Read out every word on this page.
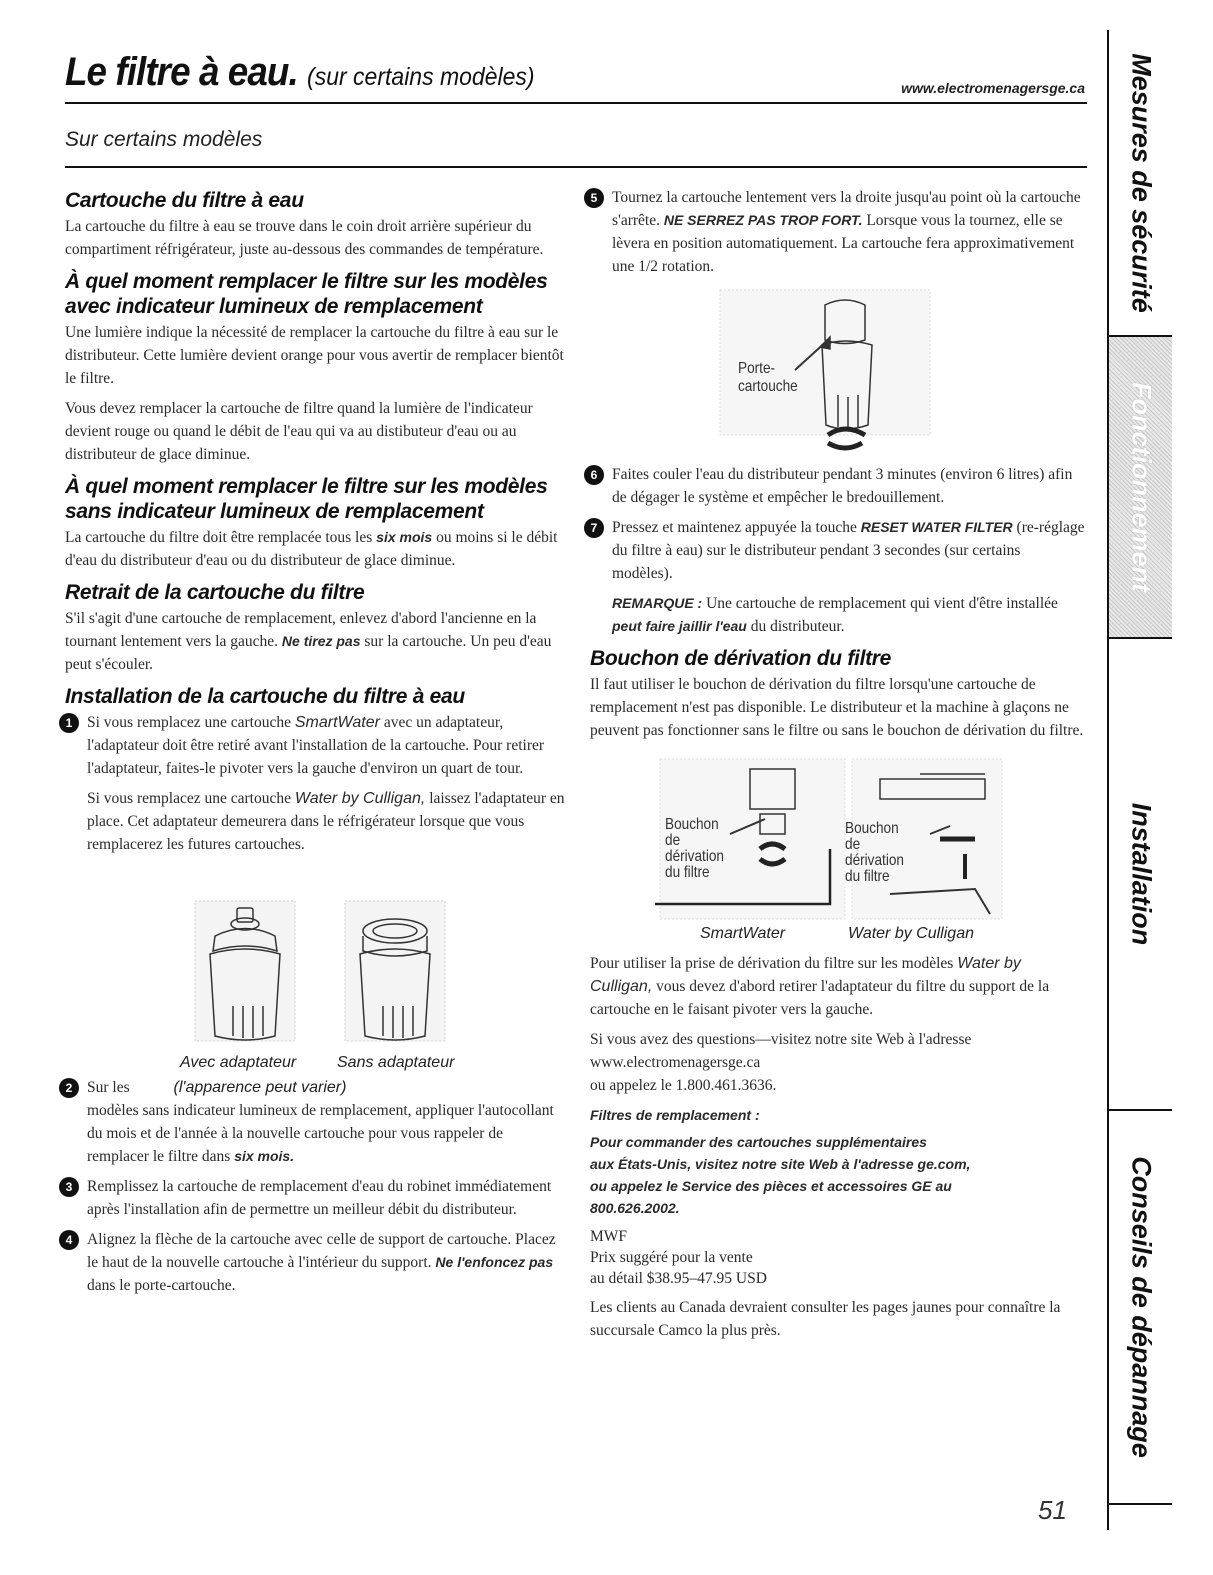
Le filtre à eau. (sur certains modèles)	www.electromenagersge.ca
Sur certains modèles
Cartouche du filtre à eau

La cartouche du filtre à eau se trouve dans le coin droit arrière supérieur du compartiment réfrigérateur, juste au-dessous des commandes de température.

À quel moment remplacer le filtre sur les modèles avec indicateur lumineux de remplacement

Une lumière indique la nécessité de remplacer la cartouche du filtre à eau sur le distributeur. Cette lumière devient orange pour vous avertir de remplacer bientôt le filtre.

Vous devez remplacer la cartouche de filtre quand la lumière de l'indicateur devient rouge ou quand le débit de l'eau qui va au distibuteur d'eau ou au distributeur de glace diminue.

À quel moment remplacer le filtre sur les modèles sans indicateur lumineux de remplacement

La cartouche du filtre doit être remplacée tous les six mois ou moins si le débit d'eau du distributeur d'eau ou du distributeur de glace diminue.

Retrait de la cartouche du filtre

S'il s'agit d'une cartouche de remplacement, enlevez d'abord l'ancienne en la tournant lentement vers la gauche. Ne tirez pas sur la cartouche. Un peu d'eau peut s'écouler.

Installation de la cartouche du filtre à eau
1 Si vous remplacez une cartouche SmartWater avec un adaptateur, l'adaptateur doit être retiré avant l'installation de la cartouche. Pour retirer l'adaptateur, faites-le pivoter vers la gauche d'environ un quart de tour.

Si vous remplacez une cartouche Water by Culligan, laissez l'adaptateur en place. Cet adaptateur demeurera dans le réfrigérateur lorsque que vous remplacerez les futures cartouches.

Avec adaptateur	Sans adaptateur
2 Sur les	(l'apparence peut varier)
modèles sans indicateur lumineux de remplacement, appliquer l'autocollant du mois et de l'année à la nouvelle cartouche pour vous rappeler de remplacer le filtre dans six mois.

3 Remplissez la cartouche de remplacement d'eau du robinet immédiatement après l'installation afin de permettre un meilleur débit du distributeur.

4 Alignez la flèche de la cartouche avec celle de support de cartouche. Placez le haut de la nouvelle cartouche à l'intérieur du support. Ne l'enfoncez pas dans le porte-cartouche.

5 Tournez la cartouche lentement vers la droite jusqu'au point où la cartouche s'arrête. NE SERREZ PAS TROP FORT. Lorsque vous la tournez, elle se lèvera en position automatiquement. La cartouche fera approximativement une 1/2 rotation.

Porte-
cartouche
6 Faites couler l'eau du distributeur pendant 3 minutes (environ 6 litres) afin de dégager le système et empêcher le bredouillement.

7 Pressez et maintenez appuyée la touche RESET WATER FILTER (re-réglage du filtre à eau) sur le distributeur pendant 3 secondes (sur certains modèles).

REMARQUE : Une cartouche de remplacement qui vient d'être installée peut faire jaillir l'eau du distributeur.

Bouchon de dérivation du filtre

Il faut utiliser le bouchon de dérivation du filtre lorsqu'une cartouche de remplacement n'est pas disponible. Le distributeur et la machine à glaçons ne peuvent pas fonctionner sans le filtre ou sans le bouchon de dérivation du filtre.

Bouchon
de
dérivation
du filtre
Bouchon
de
dérivation
du filtre
SmartWater	Water by Culligan

Pour utiliser la prise de dérivation du filtre sur les modèles Water by Culligan, vous devez d'abord retirer l'adaptateur du filtre du support de la cartouche en le faisant pivoter vers la gauche.

Si vous avez des questions—visitez notre site Web à l'adresse
www.electromenagersge.ca
ou appelez le 1.800.461.3636.

Filtres de remplacement :

Pour commander des cartouches supplémentaires
aux États-Unis, visitez notre site Web à l'adresse ge.com,
ou appelez le Service des pièces et accessoires GE au
800.626.2002.

MWF
Prix suggéré pour la vente
au détail $38.95–47.95 USD

Les clients au Canada devraient consulter les pages jaunes pour connaître la succursale Camco la plus près.

Mesures de sécurité
Fonctionnement
Installation
Conseils de dépannage
51
